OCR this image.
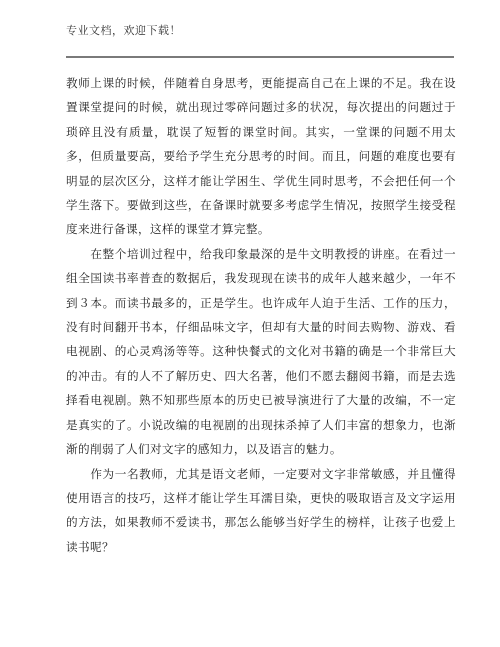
专业文档，欢迎下载！

教师上课的时候，伴随着自身思考，更能提高自己在上课的不足。我在设置课堂提问的时候，就出现过零碎问题过多的状况，每次提出的问题过于琐碎且没有质量，耽误了短暂的课堂时间。其实，一堂课的问题不用太多，但质量要高，要给予学生充分思考的时间。而且，问题的难度也要有明显的层次区分，这样才能让学困生、学优生同时思考，不会把任何一个学生落下。要做到这些，在备课时就要多考虑学生情况，按照学生接受程度来进行备课，这样的课堂才算完整。

在整个培训过程中，给我印象最深的是牛文明教授的讲座。在看过一组全国读书率普查的数据后，我发现现在读书的成年人越来越少，一年不到３本。而读书最多的，正是学生。也许成年人迫于生活、工作的压力，没有时间翻开书本，仔细品味文字，但却有大量的时间去购物、游戏、看电视剧、的心灵鸡汤等等。这种快餐式的文化对书籍的确是一个非常巨大的冲击。有的人不了解历史、四大名著，他们不愿去翻阅书籍，而是去选择看电视剧。熟不知那些原本的历史已被导演进行了大量的改编，不一定是真实的了。小说改编的电视剧的出现抹杀掉了人们丰富的想象力，也渐渐的削弱了人们对文字的感知力，以及语言的魅力。

作为一名教师，尤其是语文老师，一定要对文字非常敏感，并且懂得使用语言的技巧，这样才能让学生耳濡目染，更快的吸取语言及文字运用的方法，如果教师不爱读书，那怎么能够当好学生的榜样，让孩子也爱上读书呢？
